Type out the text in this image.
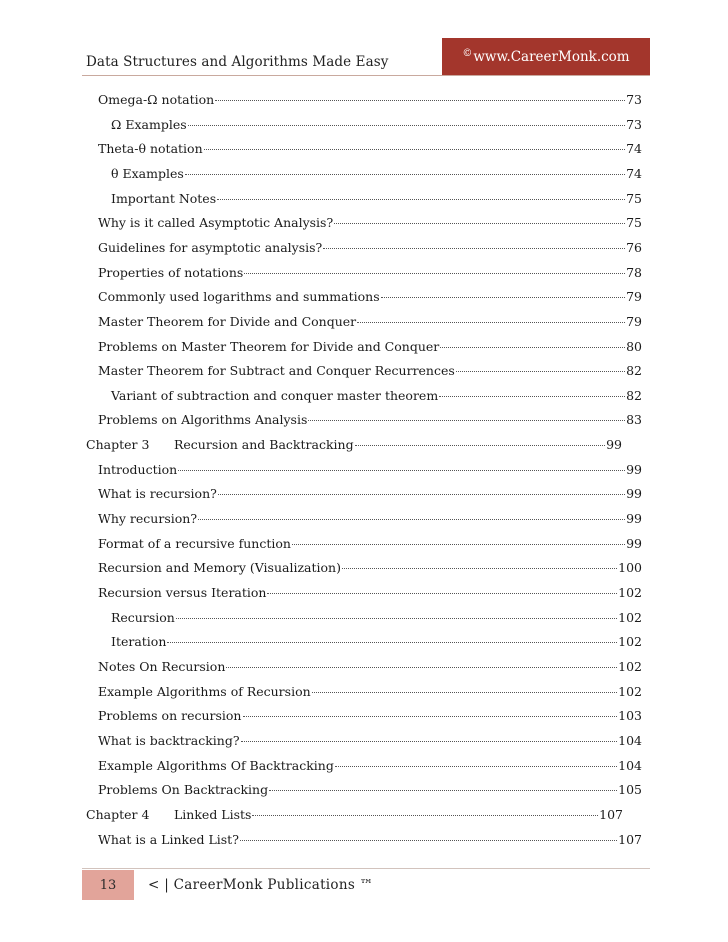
Data Structures and Algorithms Made Easy
© www.CareerMonk.com
Omega-Ω notation	73
Ω Examples	73
Theta-θ notation	74
θ Examples	74
Important Notes	75
Why is it called Asymptotic Analysis?	75
Guidelines for asymptotic analysis?	76
Properties of notations	78
Commonly used logarithms and summations	79
Master Theorem for Divide and Conquer	79
Problems on Master Theorem for Divide and Conquer	80
Master Theorem for Subtract and Conquer Recurrences	82
Variant of subtraction and conquer master theorem	82
Problems on Algorithms Analysis	83
Chapter 3	Recursion and Backtracking	99
Introduction	99
What is recursion?	99
Why recursion?	99
Format of a recursive function	99
Recursion and Memory (Visualization)	100
Recursion versus Iteration	102
Recursion	102
Iteration	102
Notes On Recursion	102
Example Algorithms of Recursion	102
Problems on recursion	103
What is backtracking?	104
Example Algorithms Of Backtracking	104
Problems On Backtracking	105
Chapter 4	Linked Lists	107
What is a Linked List?	107
13	< | CareerMonk Publications ™
